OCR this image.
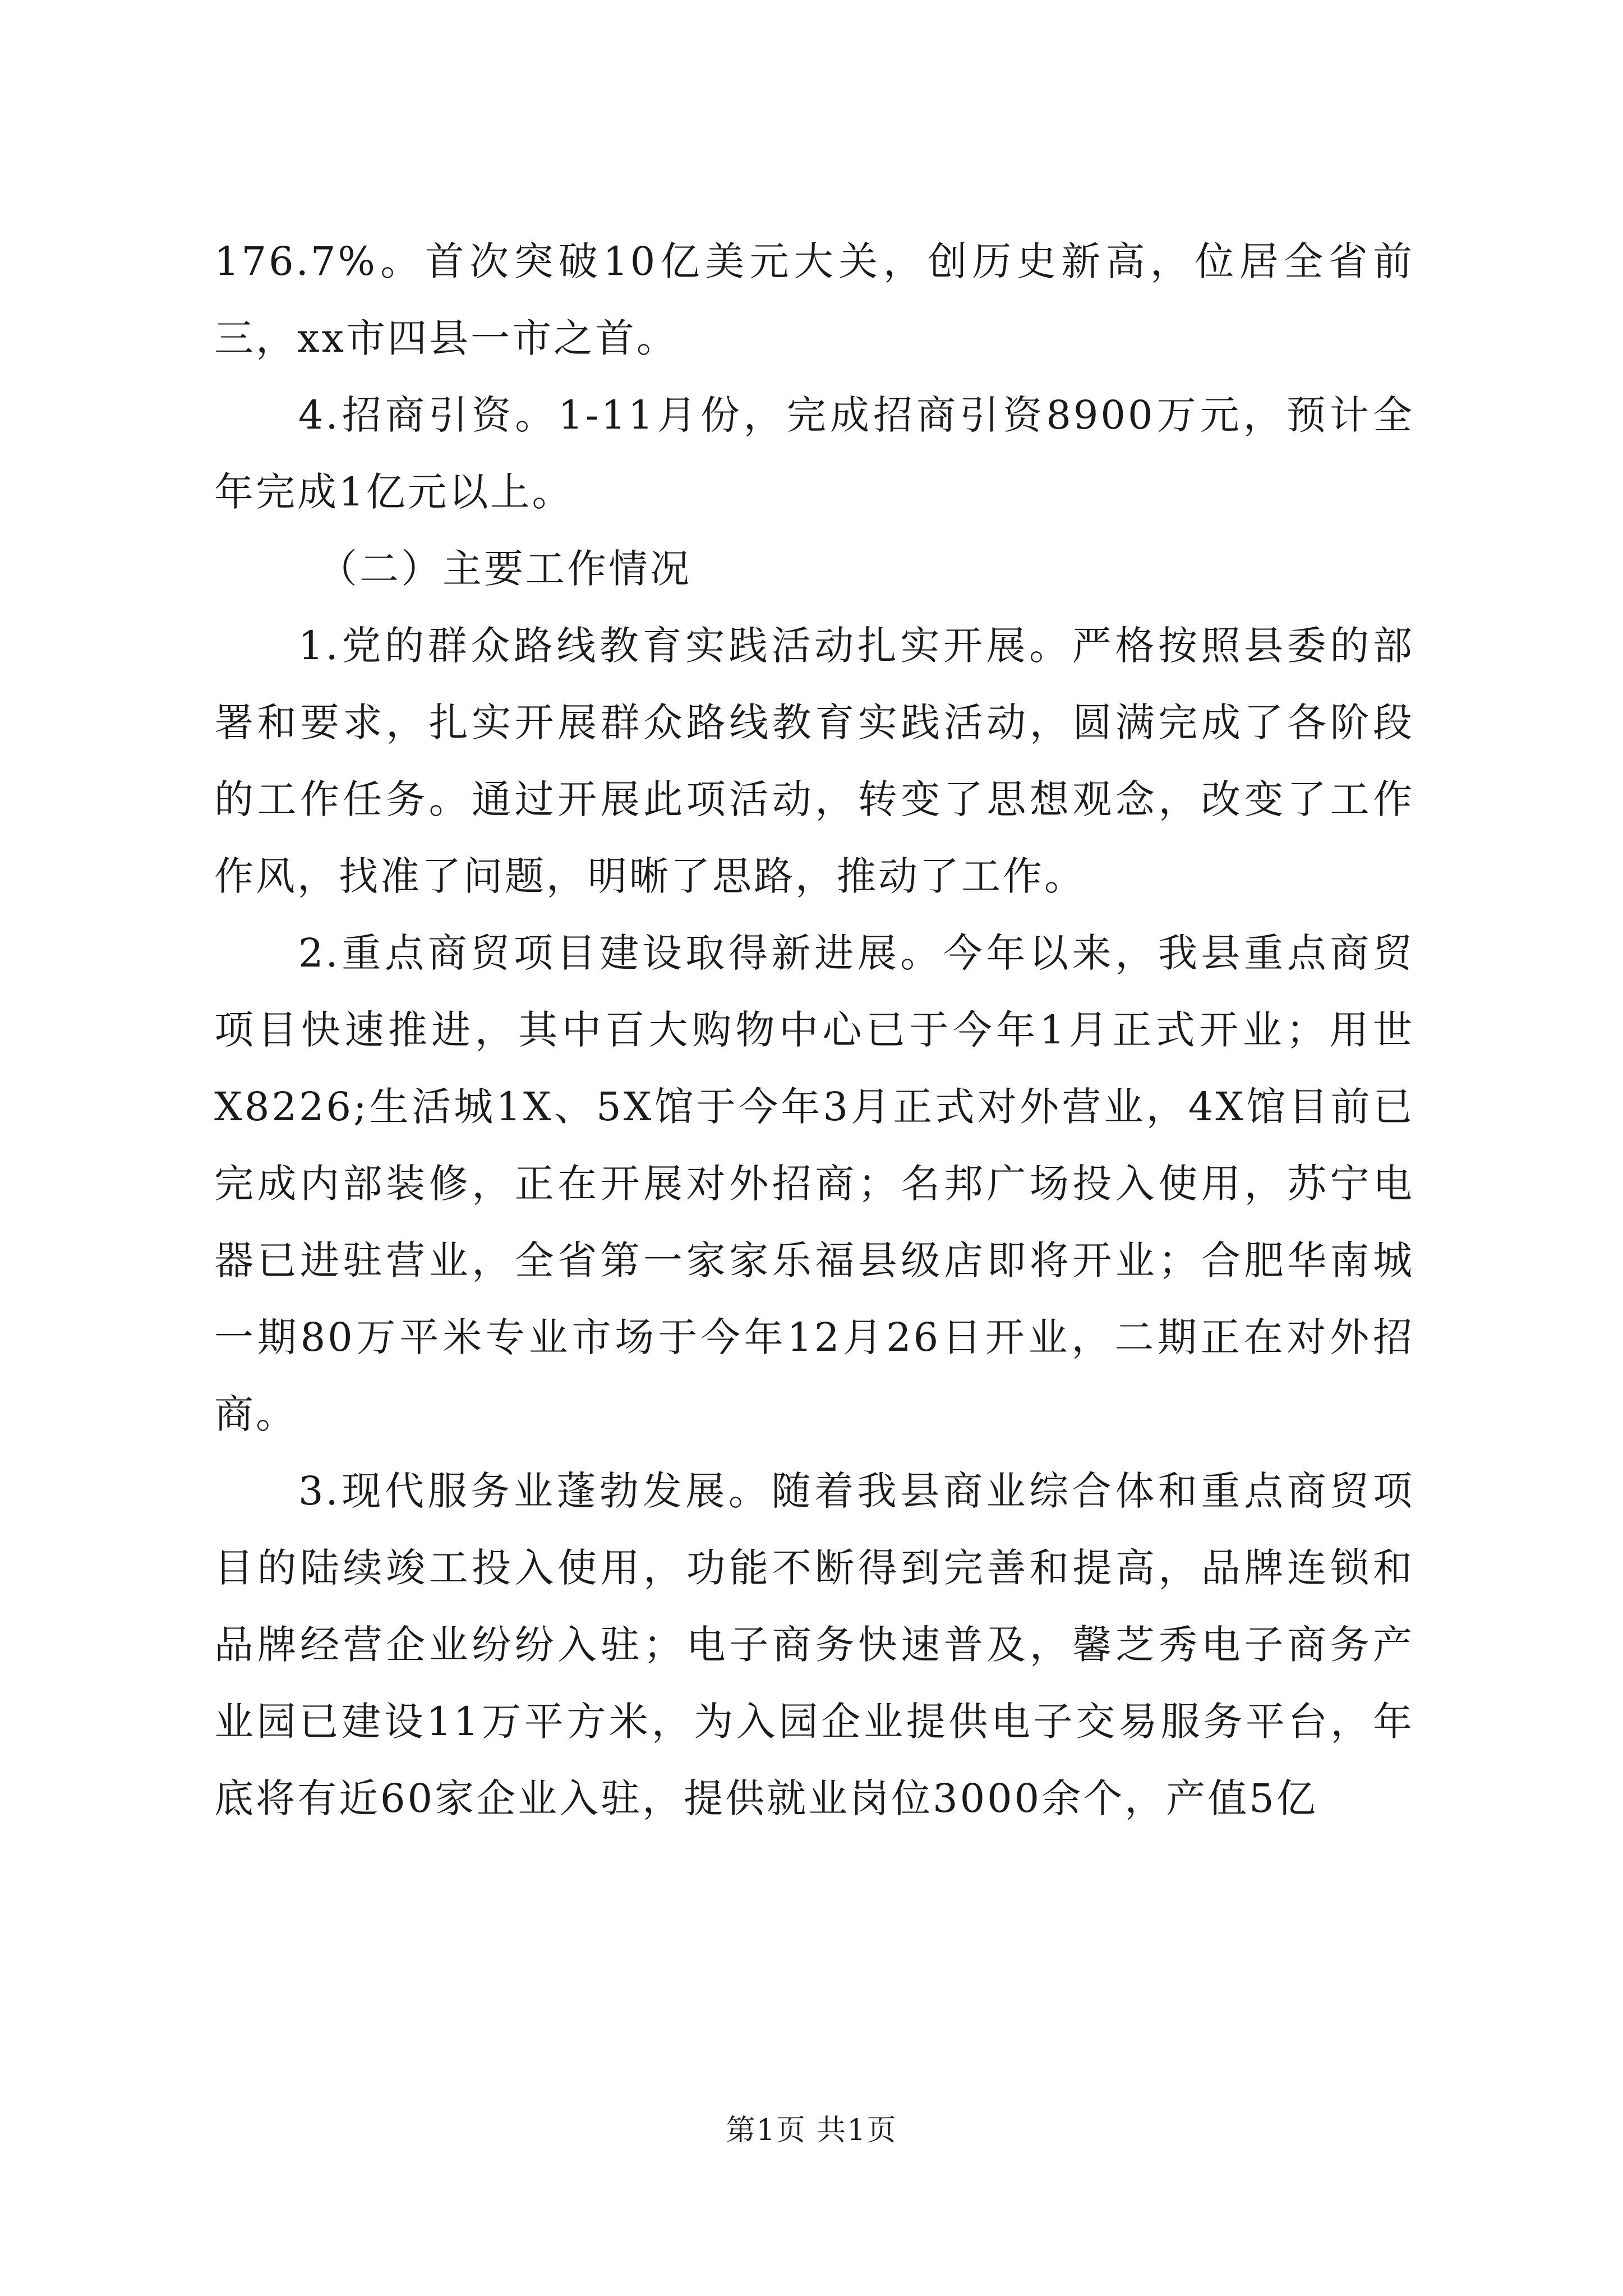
176.7%。首次突破10亿美元大关，创历史新高，位居全省前三，xx市四县一市之首。

4.招商引资。1-11月份，完成招商引资8900万元，预计全年完成1亿元以上。

（二）主要工作情况

1.党的群众路线教育实践活动扎实开展。严格按照县委的部署和要求，扎实开展群众路线教育实践活动，圆满完成了各阶段的工作任务。通过开展此项活动，转变了思想观念，改变了工作作风，找准了问题，明晰了思路，推动了工作。

2.重点商贸项目建设取得新进展。今年以来，我县重点商贸项目快速推进，其中百大购物中心已于今年1月正式开业；用世X8226;生活城1X、5X馆于今年3月正式对外营业，4X馆目前已完成内部装修，正在开展对外招商；名邦广场投入使用，苏宁电器已进驻营业，全省第一家家乐福县级店即将开业；合肥华南城一期80万平米专业市场于今年12月26日开业，二期正在对外招商。

3.现代服务业蓬勃发展。随着我县商业综合体和重点商贸项目的陆续竣工投入使用，功能不断得到完善和提高，品牌连锁和品牌经营企业纷纷入驻；电子商务快速普及，馨芝秀电子商务产业园已建设11万平方米，为入园企业提供电子交易服务平台，年底将有近60家企业入驻，提供就业岗位3000余个，产值5亿

第1页 共1页
